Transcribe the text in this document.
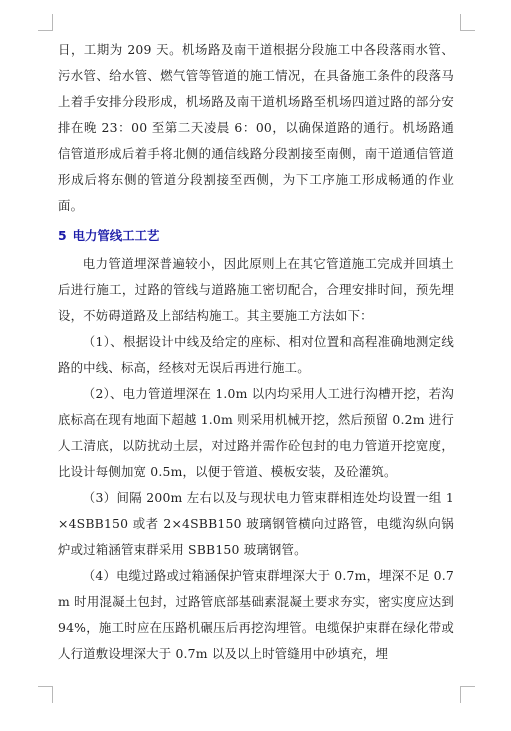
日，工期为 209 天。机场路及南干道根据分段施工中各段落雨水管、污水管、给水管、燃气管等管道的施工情况，在具备施工条件的段落马上着手安排分段形成，机场路及南干道机场路至机场四道过路的部分安排在晚 23：00 至第二天凌晨 6：00，以确保道路的通行。机场路通信管道形成后着手将北侧的通信线路分段割接至南侧，南干道通信管道形成后将东侧的管道分段割接至西侧，为下工序施工形成畅通的作业面。

5 电力管线工工艺

电力管道埋深普遍较小，因此原则上在其它管道施工完成并回填土后进行施工，过路的管线与道路施工密切配合，合理安排时间，预先埋设，不妨碍道路及上部结构施工。其主要施工方法如下：

（1）、根据设计中线及给定的座标、相对位置和高程准确地测定线路的中线、标高，经核对无误后再进行施工。

（2）、电力管道埋深在 1.0m 以内均采用人工进行沟槽开挖，若沟底标高在现有地面下超越 1.0m 则采用机械开挖，然后预留 0.2m 进行人工清底，以防扰动土层，对过路并需作砼包封的电力管道开挖宽度，比设计每侧加宽 0.5m，以便于管道、模板安装，及砼灌筑。

（3）间隔 200m 左右以及与现状电力管束群相连处均设置一组 1×4SBB150 或者 2×4SBB150 玻璃钢管横向过路管，电缆沟纵向锅炉或过箱涵管束群采用 SBB150 玻璃钢管。

（4）电缆过路或过箱涵保护管束群埋深大于 0.7m，埋深不足 0.7m 时用混凝土包封，过路管底部基础素混凝土要求夯实，密实度应达到 94%，施工时应在压路机碾压后再挖沟埋管。电缆保护束群在绿化带或人行道敷设埋深大于 0.7m 以及以上时管缝用中砂填充，埋
